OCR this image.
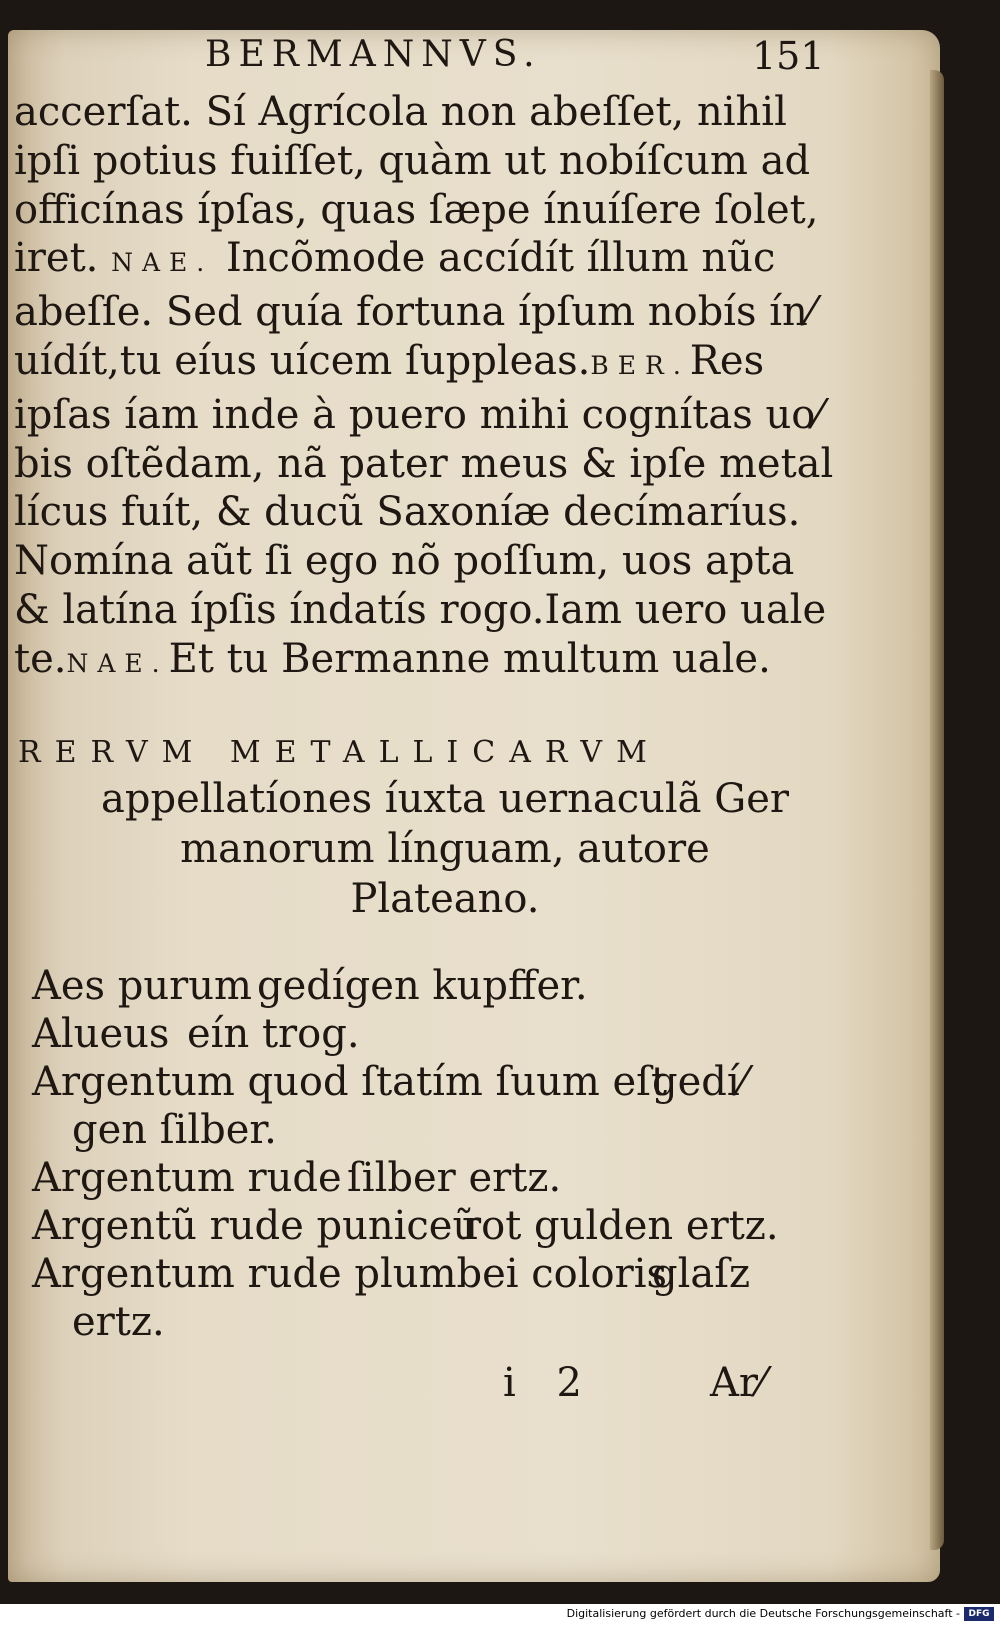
BERMANNVS.	151
accerſat. Sí Agrícola non abeſſet, nihil
ipſi potius fuiſſet, quàm ut nobíſcum ad
officínas ípſas, quas ſæpe ínuíſere ſolet,
iret. NAE. Incõmode accídít íllum nũc
abeſſe. Sed quía fortuna ípſum nobís ín⁄
uídít,tu eíus uícem ſuppleas.BER.Res
ipſas íam inde à puero mihi cognítas uo⁄
bis oſtẽdam, nã pater meus & ipſe metal
lícus fuít, & ducũ Saxoníæ decímaríus.
Nomína aũt ſi ego nõ poſſum, uos apta
& latína ípſis índatís rogo.Iam uero uale
te.NAE.Et tu Bermanne multum uale.
RERVM METALLICARVM
appellatíones íuxta uernaculã Ger
manorum línguam, autore
Plateano.
Aes purum gedígen kupffer.
Alueus eín trog.
Argentum quod ſtatím ſuum eſt
gedí⁄
gen ſilber.
Argentum rude ſilber ertz.
Argentũ rude puniceũ
rot gulden ertz.
Argentum rude plumbei coloris
glaſz
ertz.
i 2	Ar⁄
Digitalisierung gefördert durch die Deutsche Forschungsgemeinschaft - DFG
